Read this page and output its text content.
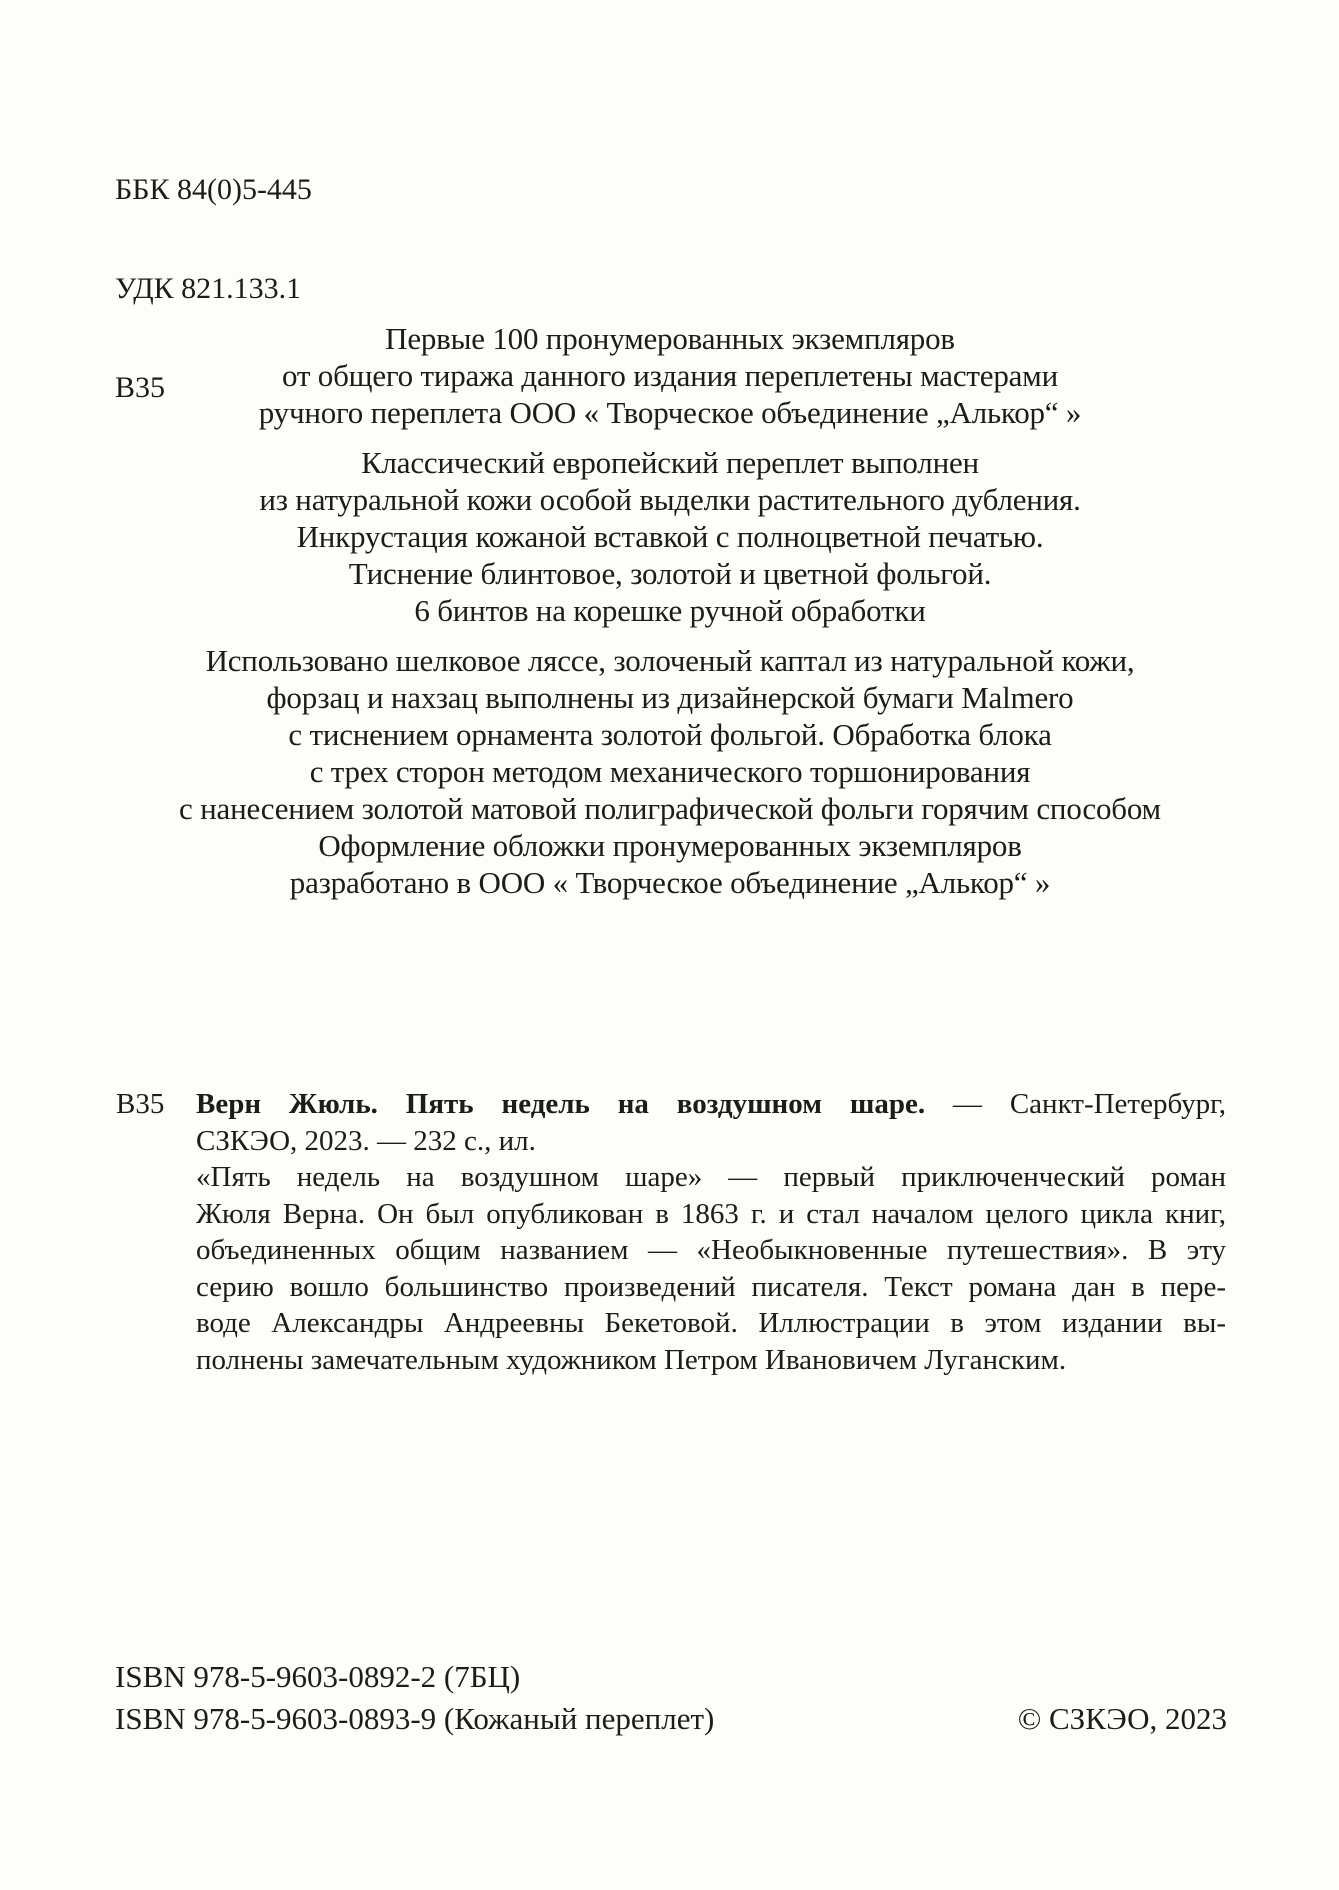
ББК 84(0)5-445

УДК 821.133.1

В35

Первые 100 пронумерованных экземпляров
от общего тиража данного издания переплетены мастерами
ручного переплета ООО « Творческое объединение „Алькор“ »
Классический европейский переплет выполнен
из натуральной кожи особой выделки растительного дубления.
Инкрустация кожаной вставкой с полноцветной печатью.
Тиснение блинтовое, золотой и цветной фольгой.
6 бинтов на корешке ручной обработки
Использовано шелковое ляссе, золоченый каптал из натуральной кожи,
форзац и нахзац выполнены из дизайнерской бумаги Malmero
с тиснением орнамента золотой фольгой. Обработка блока
с трех сторон методом механического торшонирования
с нанесением золотой матовой полиграфической фольги горячим способом
Оформление обложки пронумерованных экземпляров
разработано в ООО « Творческое объединение „Алькор“ »
В35 Верн Жюль. Пять недель на воздушном шаре. — Санкт-Петербург,
СЗКЭО, 2023. — 232 с., ил.
«Пять недель на воздушном шаре» — первый приключенческий роман
Жюля Верна. Он был опубликован в 1863 г. и стал началом целого цикла книг,
объединенных общим названием — «Необыкновенные путешествия». В эту
серию вошло большинство произведений писателя. Текст романа дан в пере-
воде Александры Андреевны Бекетовой. Иллюстрации в этом издании вы-
полнены замечательным художником Петром Ивановичем Луганским.
ISBN 978-5-9603-0892-2 (7БЦ)
ISBN 978-5-9603-0893-9 (Кожаный переплет)	© СЗКЭО, 2023
